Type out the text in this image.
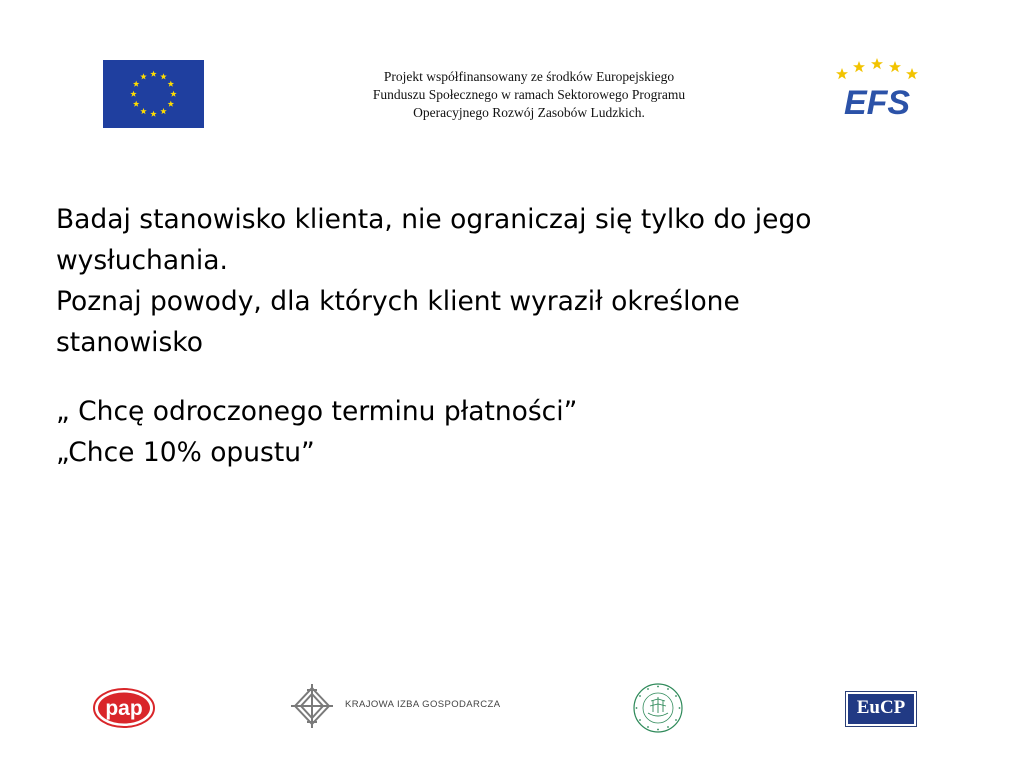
Projekt współfinansowany ze środków Europejskiego
Funduszu Społecznego w ramach Sektorowego Programu
Operacyjnego Rozwój Zasobów Ludzkich.	EFS

Badaj stanowisko klienta, nie ograniczaj się tylko do jego

wysłuchania.

Poznaj powody, dla których klient wyraził określone

stanowisko

„ Chcę odroczonego terminu płatności”

„Chce 10% opustu”

pap	KRAJOWA IZBA GOSPODARCZA	EuCP
